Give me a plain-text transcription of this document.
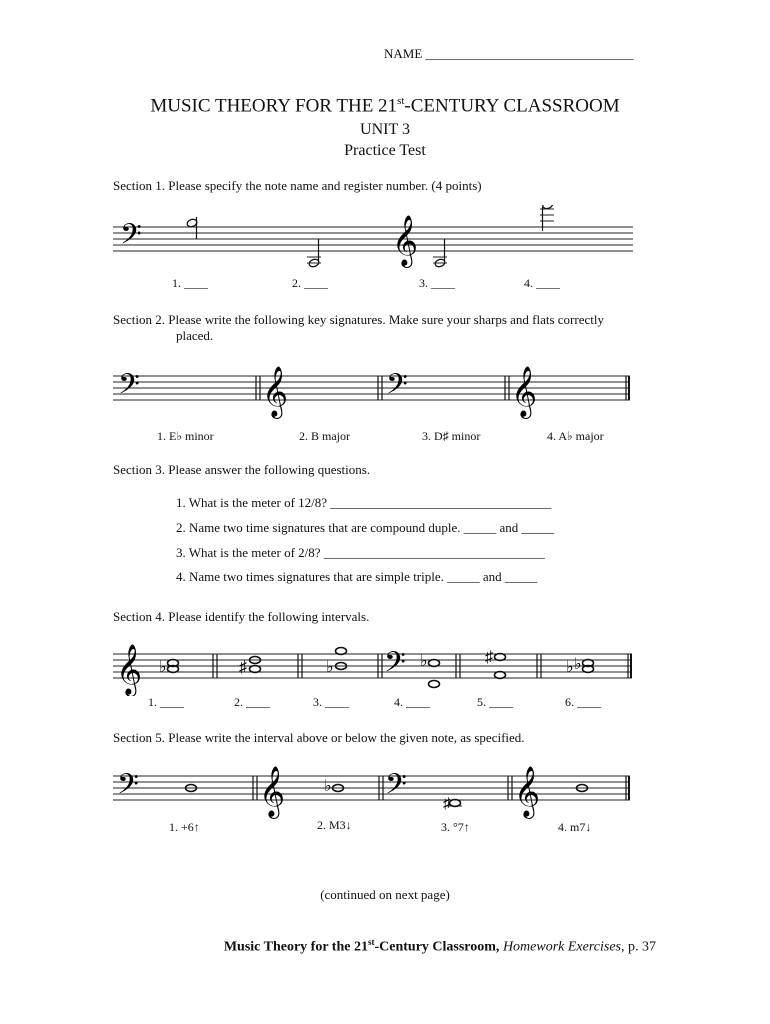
NAME ________________________________
MUSIC THEORY FOR THE 21st-CENTURY CLASSROOM
UNIT 3
Practice Test
Section 1. Please specify the note name and register number. (4 points)
𝄢	𝄞
1. ____	2. ____	3. ____	4. ____
Section 2. Please write the following key signatures. Make sure your sharps and flats correctly
placed.
𝄢	𝄞	𝄢 𝄞
1. E♭ minor	2. B major	3. D♯ minor	4. A♭ major
Section 3. Please answer the following questions.
1. What is the meter of 12/8? __________________________________
2. Name two time signatures that are compound duple. _____ and _____
3. What is the meter of 2/8? __________________________________
4. Name two times signatures that are simple triple. _____ and _____
Section 4. Please identify the following intervals.
𝄞 ♭	♯	♭ 𝄢 ♭	♯
♭ ♭
1. ____	2. ____	3. ____	4. ____	5. ____	6. ____
Section 5. Please write the interval above or below the given note, as specified.
𝄢	𝄞 ♭ 𝄢 ♯ 𝄞
1. +6↑	2. M3↓	3. °7↑	4. m7↓
(continued on next page)
Music Theory for the 21st-Century Classroom, Homework Exercises, p. 37
